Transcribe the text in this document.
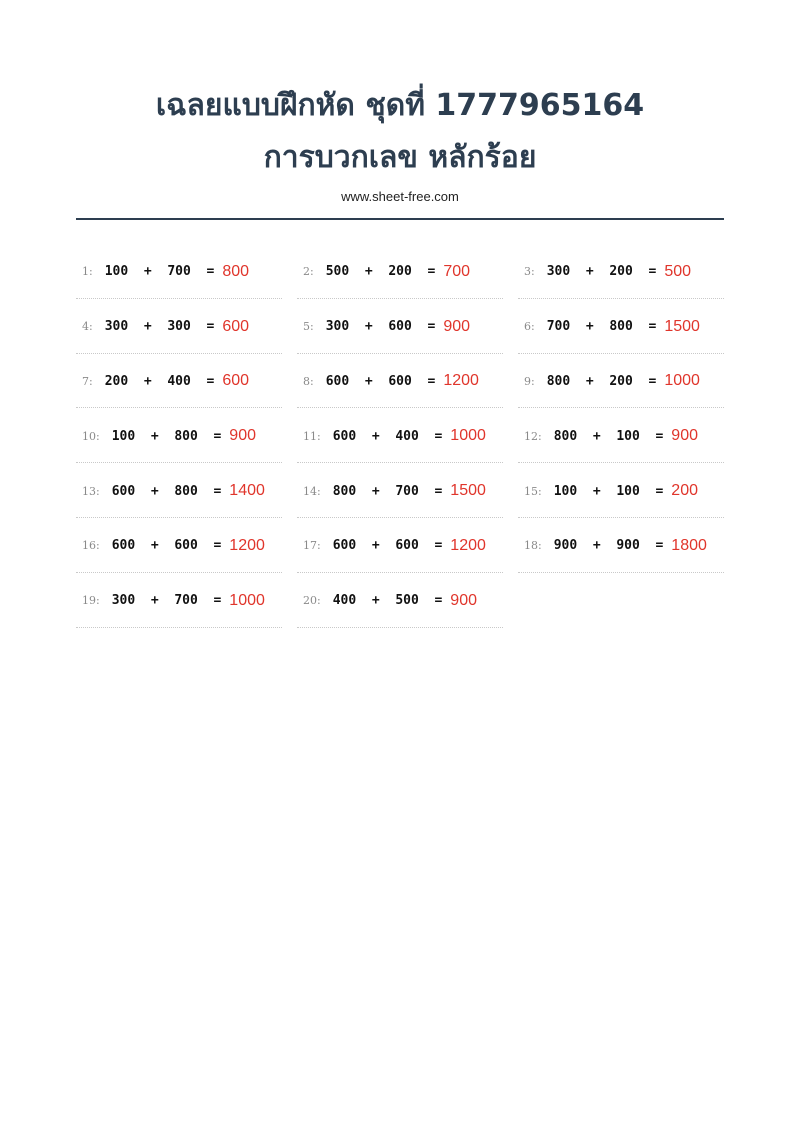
เฉลยแบบฝึกหัด ชุดที่ 1777965164
การบวกเลข หลักร้อย
www.sheet-free.com
1: 100 + 700 = 800	2: 500 + 200 = 700	3: 300 + 200 = 500
4: 300 + 300 = 600	5: 300 + 600 = 900	6: 700 + 800 = 1500
7: 200 + 400 = 600	8: 600 + 600 = 1200	9: 800 + 200 = 1000
10: 100 + 800 = 900	11: 600 + 400 = 1000	12: 800 + 100 = 900
13: 600 + 800 = 1400	14: 800 + 700 = 1500	15: 100 + 100 = 200
16: 600 + 600 = 1200	17: 600 + 600 = 1200	18: 900 + 900 = 1800
19: 300 + 700 = 1000	20: 400 + 500 = 900
